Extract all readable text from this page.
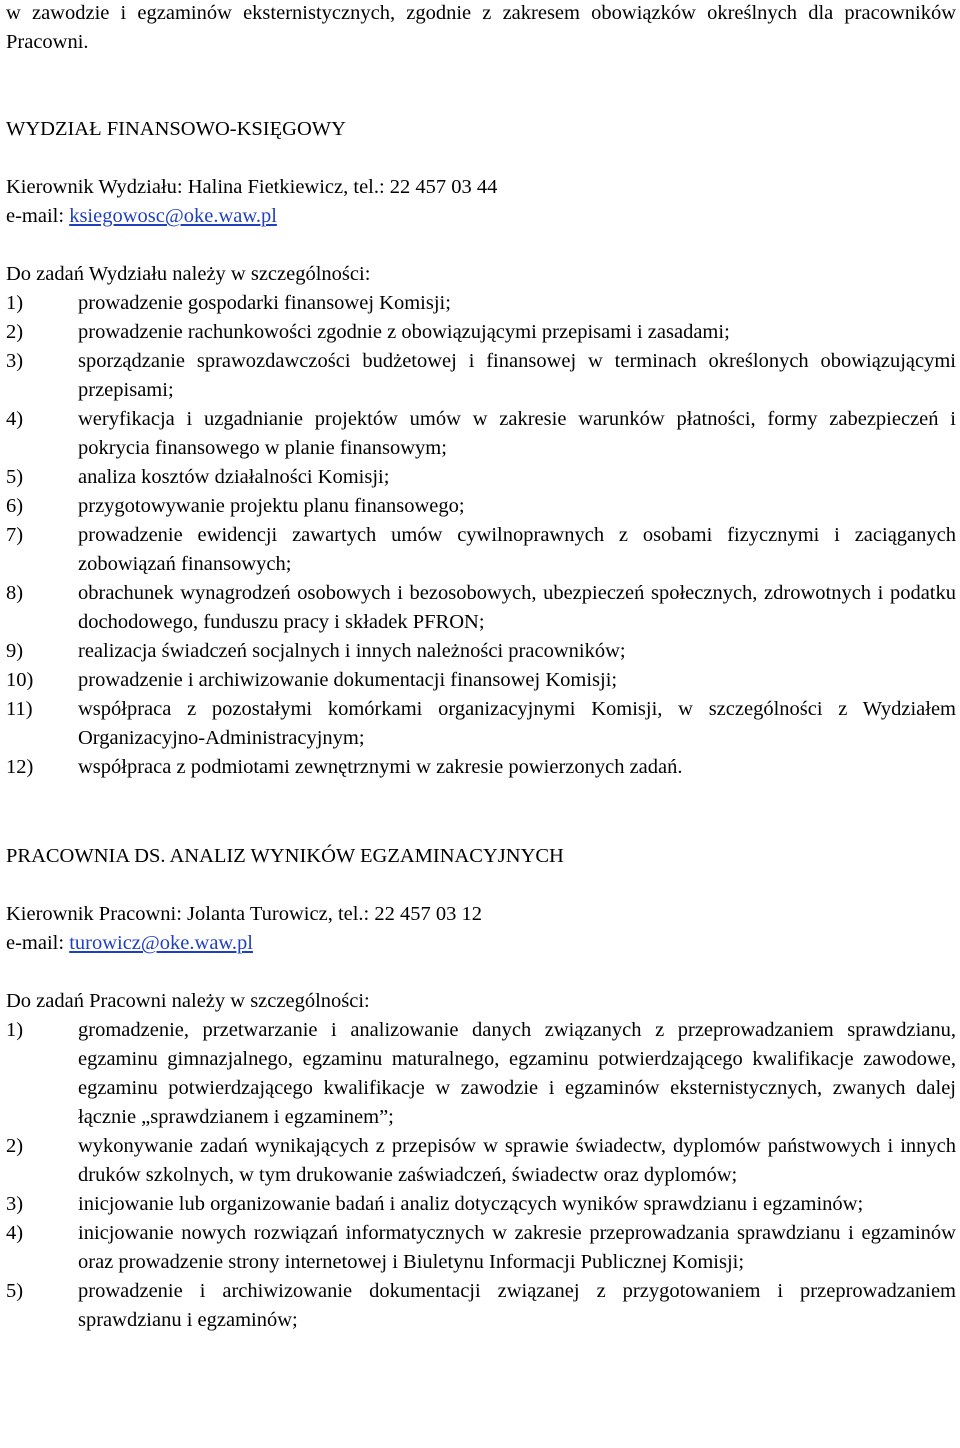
w zawodzie i egzaminów eksternistycznych, zgodnie z zakresem obowiązków określnych dla pracowników Pracowni.

WYDZIAŁ FINANSOWO-KSIĘGOWY

Kierownik Wydziału: Halina Fietkiewicz, tel.: 22 457 03 44

e-mail: ksiegowosc@oke.waw.pl

Do zadań Wydziału należy w szczególności:

1)	prowadzenie gospodarki finansowej Komisji;
2)	prowadzenie rachunkowości zgodnie z obowiązującymi przepisami i zasadami;
3)	sporządzanie sprawozdawczości budżetowej i finansowej w terminach określonych obowiązującymi przepisami;
4)	weryfikacja i uzgadnianie projektów umów w zakresie warunków płatności, formy zabezpieczeń i pokrycia finansowego w planie finansowym;
5)	analiza kosztów działalności Komisji;
6)	przygotowywanie projektu planu finansowego;
7)	prowadzenie ewidencji zawartych umów cywilnoprawnych z osobami fizycznymi i zaciąganych zobowiązań finansowych;
8)	obrachunek wynagrodzeń osobowych i bezosobowych, ubezpieczeń społecznych, zdrowotnych i podatku dochodowego, funduszu pracy i składek PFRON;
9)	realizacja świadczeń socjalnych i innych należności pracowników;
10) prowadzenie i archiwizowanie dokumentacji finansowej Komisji;
11) współpraca z pozostałymi komórkami organizacyjnymi Komisji, w szczególności z Wydziałem Organizacyjno-Administracyjnym;
12) współpraca z podmiotami zewnętrznymi w zakresie powierzonych zadań.
PRACOWNIA DS. ANALIZ WYNIKÓW EGZAMINACYJNYCH

Kierownik Pracowni: Jolanta Turowicz, tel.: 22 457 03 12

e-mail: turowicz@oke.waw.pl

Do zadań Pracowni należy w szczególności:

1)	gromadzenie, przetwarzanie i analizowanie danych związanych z przeprowadzaniem sprawdzianu, egzaminu gimnazjalnego, egzaminu maturalnego, egzaminu potwierdzającego kwalifikacje zawodowe, egzaminu potwierdzającego kwalifikacje w zawodzie i egzaminów eksternistycznych, zwanych dalej łącznie „sprawdzianem i egzaminem”;
2)	wykonywanie zadań wynikających z przepisów w sprawie świadectw, dyplomów państwowych i innych druków szkolnych, w tym drukowanie zaświadczeń, świadectw oraz dyplomów;
3)	inicjowanie lub organizowanie badań i analiz dotyczących wyników sprawdzianu i egzaminów;
4)	inicjowanie nowych rozwiązań informatycznych w zakresie przeprowadzania sprawdzianu i egzaminów oraz prowadzenie strony internetowej i Biuletynu Informacji Publicznej Komisji;
5)	prowadzenie i archiwizowanie dokumentacji związanej z przygotowaniem i przeprowadzaniem sprawdzianu i egzaminów;
